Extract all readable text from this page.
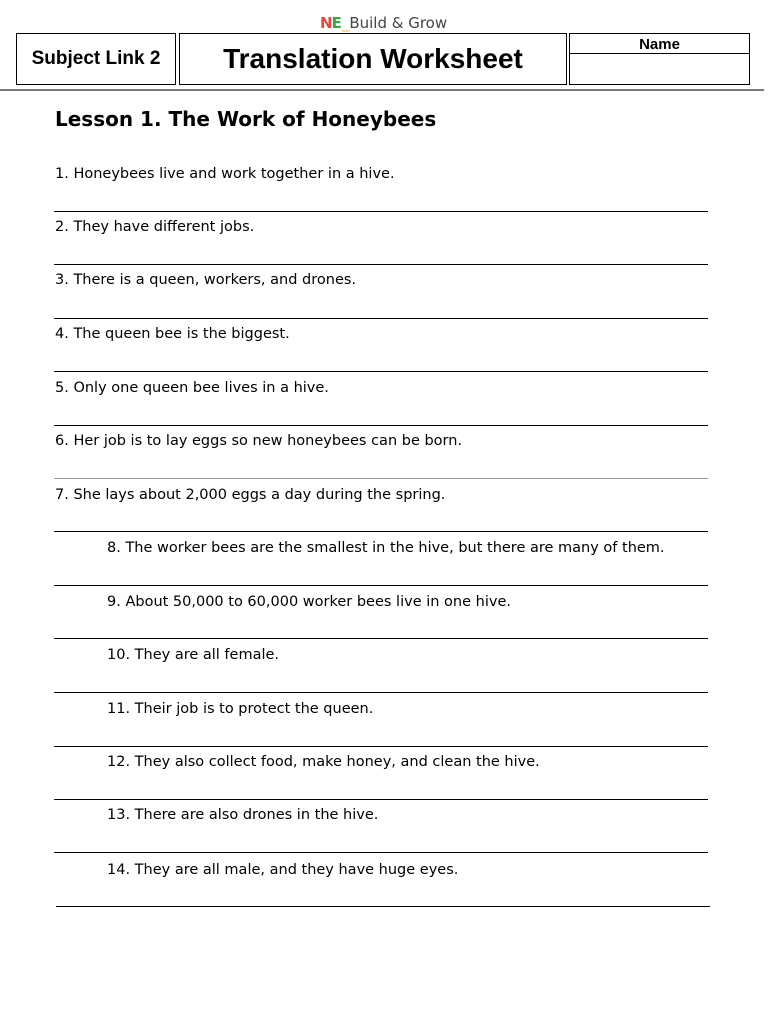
NE_Build & Grow
Subject Link 2	Translation Worksheet	Name
Lesson 1. The Work of Honeybees
1. Honeybees live and work together in a hive.
2. They have different jobs.
3. There is a queen, workers, and drones.
4. The queen bee is the biggest.
5. Only one queen bee lives in a hive.
6. Her job is to lay eggs so new honeybees can be born.
7. She lays about 2,000 eggs a day during the spring.
8. The worker bees are the smallest in the hive, but there are many of them.
9. About 50,000 to 60,000 worker bees live in one hive.
10. They are all female.
11. Their job is to protect the queen.
12. They also collect food, make honey, and clean the hive.
13. There are also drones in the hive.
14. They are all male, and they have huge eyes.
